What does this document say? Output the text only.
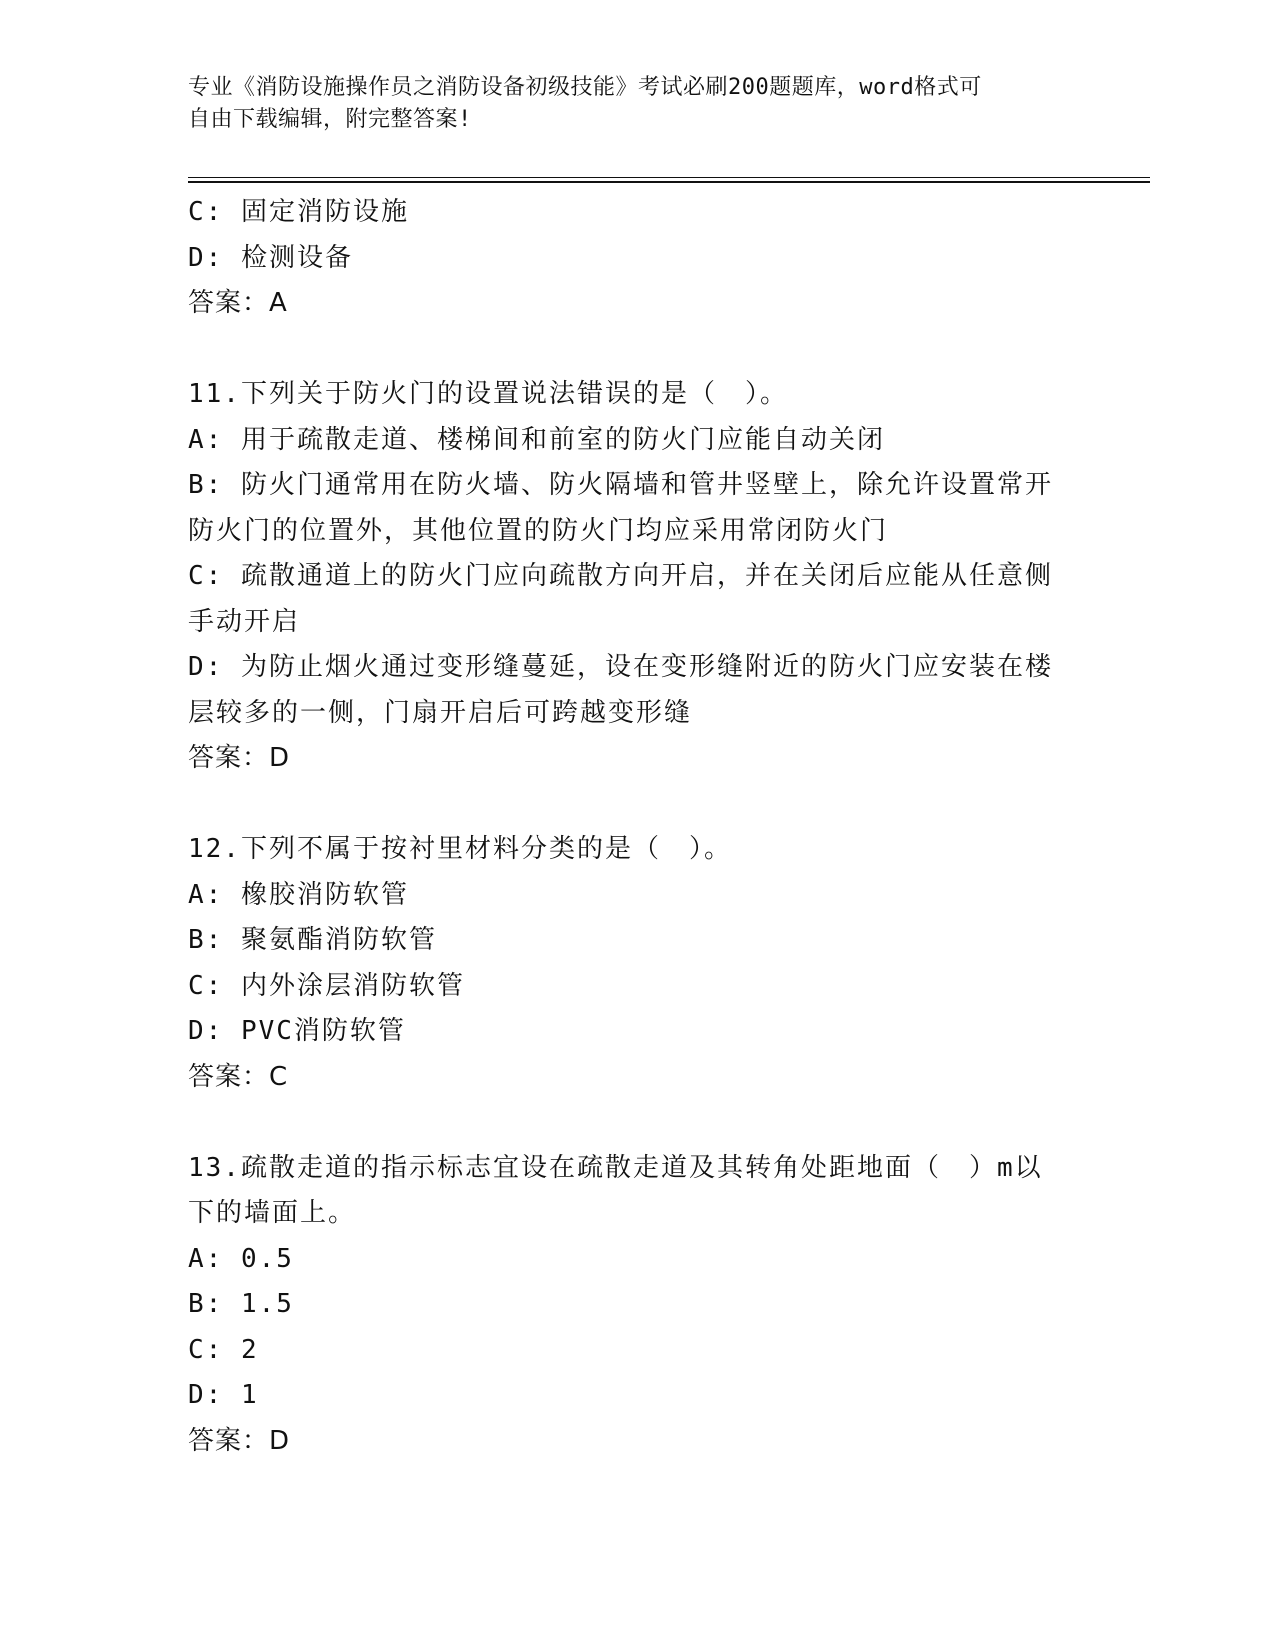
专业《消防设施操作员之消防设备初级技能》考试必刷200题题库，word格式可
自由下载编辑，附完整答案!
C: 固定消防设施
D: 检测设备
答案：A
11.下列关于防火门的设置说法错误的是（　）。
A: 用于疏散走道、楼梯间和前室的防火门应能自动关闭
B: 防火门通常用在防火墙、防火隔墙和管井竖壁上，除允许设置常开
防火门的位置外，其他位置的防火门均应采用常闭防火门
C: 疏散通道上的防火门应向疏散方向开启，并在关闭后应能从任意侧
手动开启
D: 为防止烟火通过变形缝蔓延，设在变形缝附近的防火门应安装在楼
层较多的一侧，门扇开启后可跨越变形缝
答案：D
12.下列不属于按衬里材料分类的是（　）。
A: 橡胶消防软管
B: 聚氨酯消防软管
C: 内外涂层消防软管
D: PVC消防软管
答案：C
13.疏散走道的指示标志宜设在疏散走道及其转角处距地面（　）m以
下的墙面上。
A: 0.5
B: 1.5
C: 2
D: 1
答案：D
